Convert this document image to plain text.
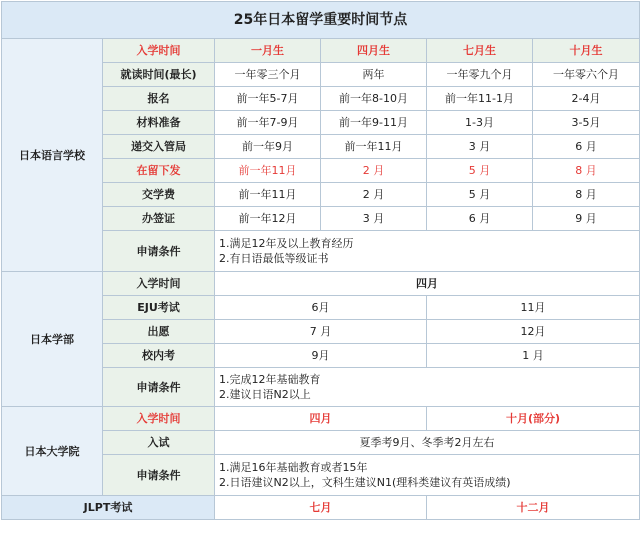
25年日本留学重要时间节点					
日本语言学校	入学时间	一月生	四月生	七月生	十月生
	就读时间(最长)	一年零三个月	两年	一年零九个月	一年零六个月
	报名	前一年5-7月	前一年8-10月	前一年11-1月	2-4月
	材料准备	前一年7-9月	前一年9-11月	1-3月	3-5月
	递交入管局	前一年9月	前一年11月	3 月	6 月
	在留下发	前一年11月	2 月	5 月	8 月
	交学费	前一年11月	2 月	5 月	8 月
	办签证	前一年12月	3 月	6 月	9 月
	申请条件	1.满足12年及以上教育经历
2.有日语最低等级证书			

日本学部	入学时间	四月			
	EJU考试	6月		11月	
	出愿	7 月		12月	
	校内考	9月		1 月	
	申请条件	1.完成12年基础教育
2.建议日语N2以上			

日本大学院	入学时间	四月		十月(部分)	
	入试	夏季考9月、冬季考2月左右			
	申请条件	1.满足16年基础教育或者15年
2.日语建议N2以上，文科生建议N1(理科类建议有英语成绩)			

JLPT考试		七月		十二月	
